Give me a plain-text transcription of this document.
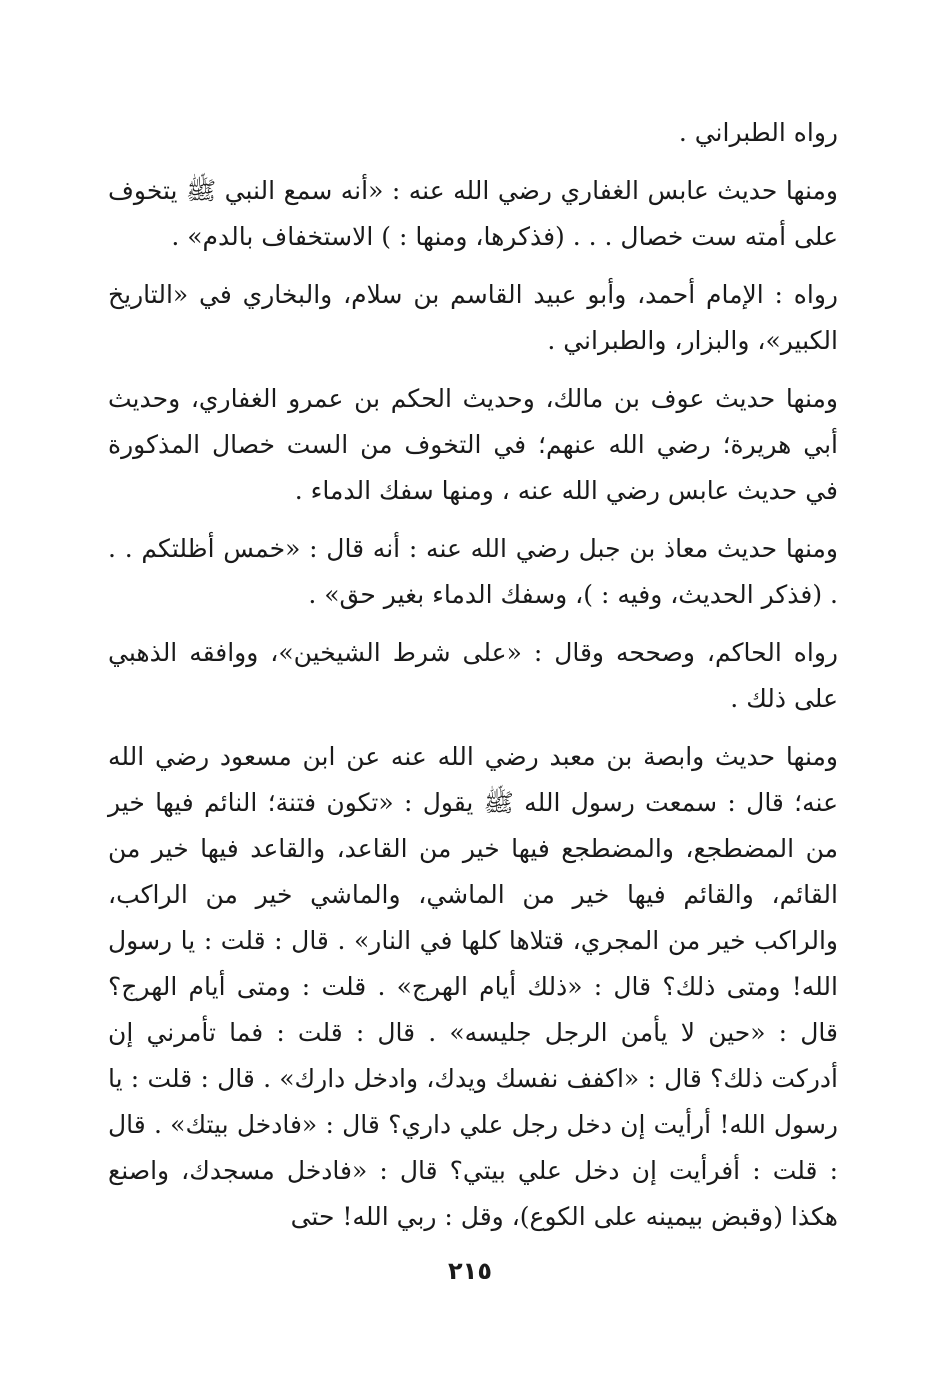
رواه الطبراني .

ومنها حديث عابس الغفاري رضي الله عنه : «أنه سمع النبي ﷺ يتخوف على أمته ست خصال . . . (فذكرها، ومنها : ) الاستخفاف بالدم» .

رواه : الإمام أحمد، وأبو عبيد القاسم بن سلام، والبخاري في «التاريخ الكبير»، والبزار، والطبراني .

ومنها حديث عوف بن مالك، وحديث الحكم بن عمرو الغفاري، وحديث أبي هريرة؛ رضي الله عنهم؛ في التخوف من الست خصال المذكورة في حديث عابس رضي الله عنه ، ومنها سفك الدماء .

ومنها حديث معاذ بن جبل رضي الله عنه : أنه قال : «خمس أظلتكم . . . (فذكر الحديث، وفيه : )، وسفك الدماء بغير حق» .

رواه الحاكم، وصححه وقال : «على شرط الشيخين»، ووافقه الذهبي على ذلك .

ومنها حديث وابصة بن معبد رضي الله عنه عن ابن مسعود رضي الله عنه؛ قال : سمعت رسول الله ﷺ يقول : «تكون فتنة؛ النائم فيها خير من المضطجع، والمضطجع فيها خير من القاعد، والقاعد فيها خير من القائم، والقائم فيها خير من الماشي، والماشي خير من الراكب، والراكب خير من المجري، قتلاها كلها في النار» . قال : قلت : يا رسول الله! ومتى ذلك؟ قال : «ذلك أيام الهرج» . قلت : ومتى أيام الهرج؟ قال : «حين لا يأمن الرجل جليسه» . قال : قلت : فما تأمرني إن أدركت ذلك؟ قال : «اكفف نفسك ويدك، وادخل دارك» . قال : قلت : يا رسول الله! أرأيت إن دخل رجل علي داري؟ قال : «فادخل بيتك» . قال : قلت : أفرأيت إن دخل علي بيتي؟ قال : «فادخل مسجدك، واصنع هكذا (وقبض بيمينه على الكوع)، وقل : ربي الله! حتى

٢١٥
